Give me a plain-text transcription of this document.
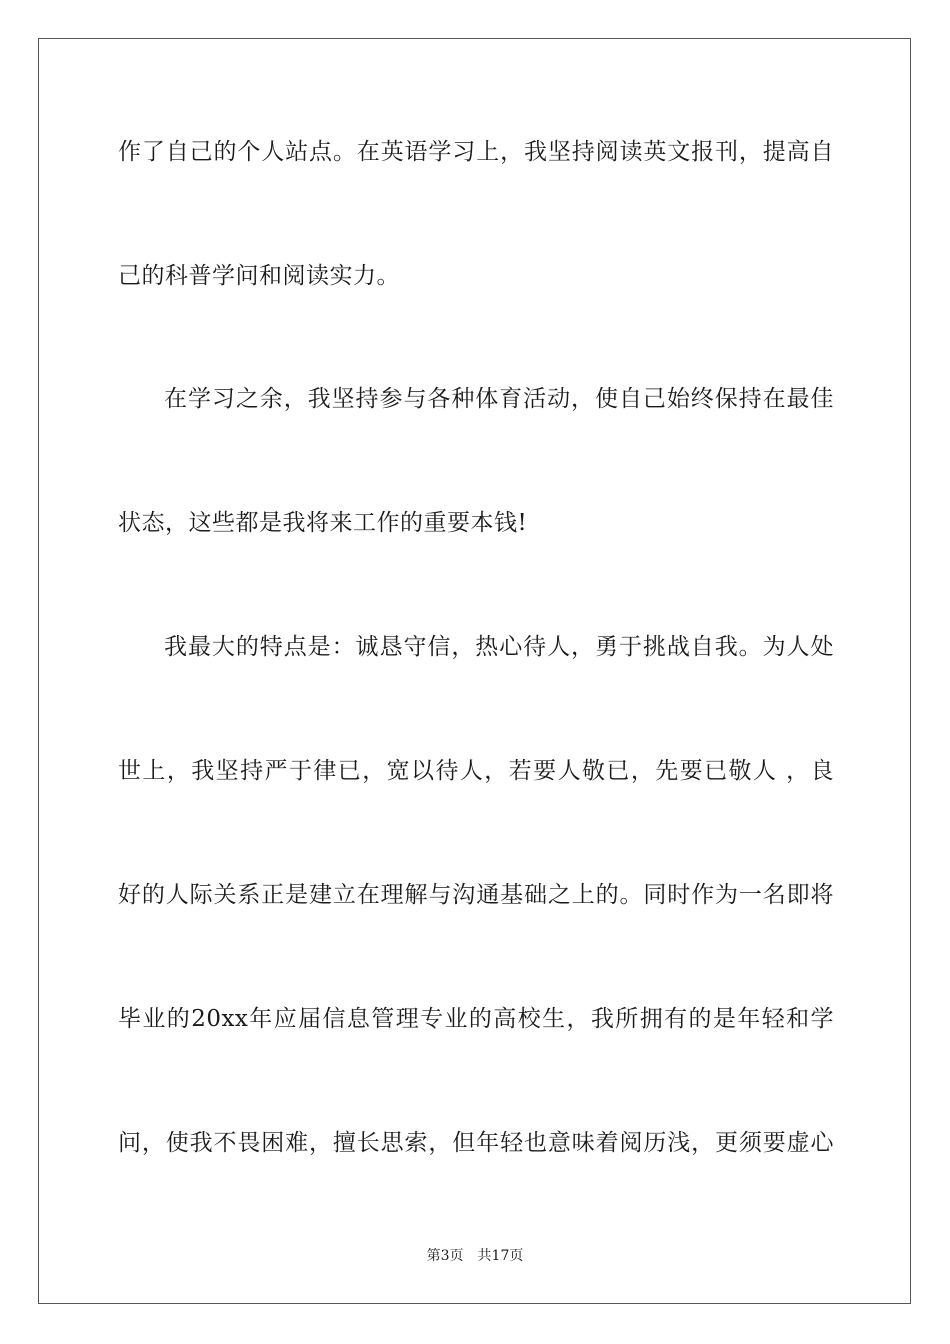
作了自己的个人站点。在英语学习上，我坚持阅读英文报刊，提高自
己的科普学问和阅读实力。
在学习之余，我坚持参与各种体育活动，使自己始终保持在最佳
状态，这些都是我将来工作的重要本钱!
我最大的特点是：诚恳守信，热心待人，勇于挑战自我。为人处
世上，我坚持严于律已，宽以待人，若要人敬已，先要已敬人 ，良
好的人际关系正是建立在理解与沟通基础之上的。同时作为一名即将
毕业的20xx年应届信息管理专业的高校生，我所拥有的是年轻和学
问，使我不畏困难，擅长思索，但年轻也意味着阅历浅，更须要虚心
第3页 共17页
